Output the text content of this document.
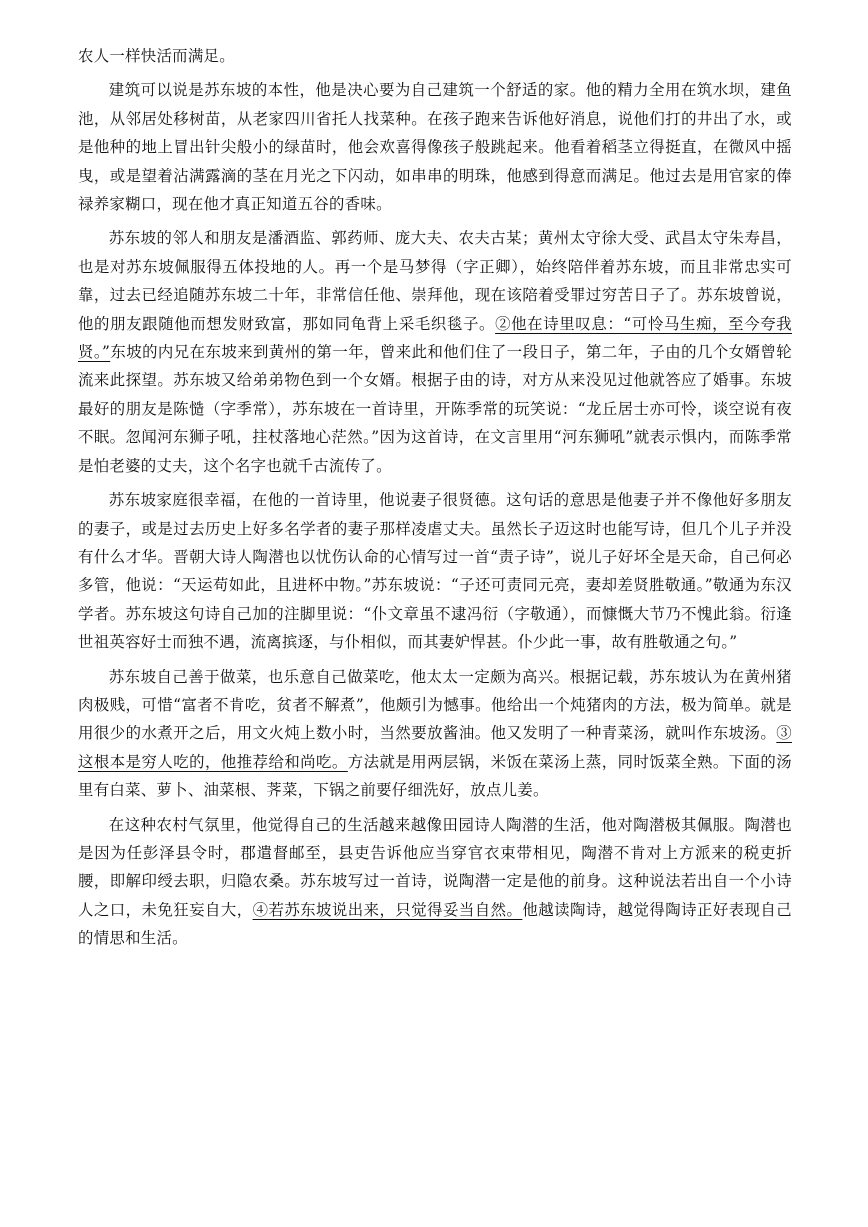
农人一样快活而满足。

建筑可以说是苏东坡的本性，他是决心要为自己建筑一个舒适的家。他的精力全用在筑水坝，建鱼池，从邻居处移树苗，从老家四川省托人找菜种。在孩子跑来告诉他好消息，说他们打的井出了水，或是他种的地上冒出针尖般小的绿苗时，他会欢喜得像孩子般跳起来。他看着稻茎立得挺直，在微风中摇曳，或是望着沾满露滴的茎在月光之下闪动，如串串的明珠，他感到得意而满足。他过去是用官家的俸禄养家糊口，现在他才真正知道五谷的香味。

苏东坡的邻人和朋友是潘酒监、郭药师、庞大夫、农夫古某；黄州太守徐大受、武昌太守朱寿昌，也是对苏东坡佩服得五体投地的人。再一个是马梦得（字正卿），始终陪伴着苏东坡，而且非常忠实可靠，过去已经追随苏东坡二十年，非常信任他、崇拜他，现在该陪着受罪过穷苦日子了。苏东坡曾说，他的朋友跟随他而想发财致富，那如同龟背上采毛织毯子。②他在诗里叹息：“可怜马生痴，至今夸我贤。”东坡的内兄在东坡来到黄州的第一年，曾来此和他们住了一段日子，第二年，子由的几个女婿曾轮流来此探望。苏东坡又给弟弟物色到一个女婿。根据子由的诗，对方从来没见过他就答应了婚事。东坡最好的朋友是陈慥（字季常），苏东坡在一首诗里，开陈季常的玩笑说：“龙丘居士亦可怜，谈空说有夜不眠。忽闻河东狮子吼，拄杖落地心茫然。”因为这首诗，在文言里用“河东狮吼”就表示惧内，而陈季常是怕老婆的丈夫，这个名字也就千古流传了。

苏东坡家庭很幸福，在他的一首诗里，他说妻子很贤德。这句话的意思是他妻子并不像他好多朋友的妻子，或是过去历史上好多名学者的妻子那样凌虐丈夫。虽然长子迈这时也能写诗，但几个儿子并没有什么才华。晋朝大诗人陶潜也以忧伤认命的心情写过一首“责子诗”，说儿子好坏全是天命，自己何必多管，他说：“天运苟如此，且进杯中物。”苏东坡说：“子还可责同元亮，妻却差贤胜敬通。”敬通为东汉学者。苏东坡这句诗自己加的注脚里说：“仆文章虽不逮冯衍（字敬通），而慷慨大节乃不愧此翁。衍逢世祖英容好士而独不遇，流离摈逐，与仆相似，而其妻妒悍甚。仆少此一事，故有胜敬通之句。”

苏东坡自己善于做菜，也乐意自己做菜吃，他太太一定颇为高兴。根据记载，苏东坡认为在黄州猪肉极贱，可惜“富者不肯吃，贫者不解煮”，他颇引为憾事。他给出一个炖猪肉的方法，极为简单。就是用很少的水煮开之后，用文火炖上数小时，当然要放酱油。他又发明了一种青菜汤，就叫作东坡汤。③这根本是穷人吃的，他推荐给和尚吃。方法就是用两层锅，米饭在菜汤上蒸，同时饭菜全熟。下面的汤里有白菜、萝卜、油菜根、荠菜，下锅之前要仔细洗好，放点儿姜。

在这种农村气氛里，他觉得自己的生活越来越像田园诗人陶潜的生活，他对陶潜极其佩服。陶潜也是因为任彭泽县令时，郡遣督邮至，县吏告诉他应当穿官衣束带相见，陶潜不肯对上方派来的税吏折腰，即解印绶去职，归隐农桑。苏东坡写过一首诗，说陶潜一定是他的前身。这种说法若出自一个小诗人之口，未免狂妄自大，④若苏东坡说出来，只觉得妥当自然。他越读陶诗，越觉得陶诗正好表现自己的情思和生活。
